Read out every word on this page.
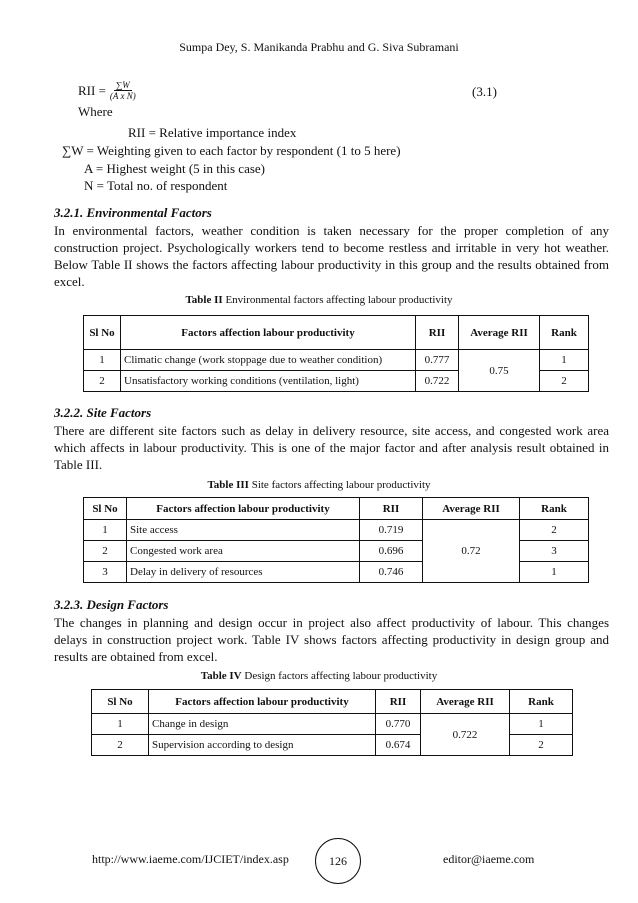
Sumpa Dey, S. Manikanda Prabhu and G. Siva Subramani
RII = $\frac{\sum W}{\text{(A x N)}}$	(3.1)
Where
RII = Relative importance index
∑W = Weighting given to each factor by respondent (1 to 5 here)
A = Highest weight (5 in this case)
N = Total no. of respondent
3.2.1. Environmental Factors
In environmental factors, weather condition is taken necessary for the proper completion of any construction project. Psychologically workers tend to become restless and irritable in very hot weather. Below Table II shows the factors affecting labour productivity in this group and the results obtained from excel.
Table II Environmental factors affecting labour productivity
Sl No	Factors affection labour productivity	RII	Average RII	Rank
1	Climatic change (work stoppage due to weather condition)	0.777	0.75	1
2	Unsatisfactory working conditions (ventilation, light)	0.722		2
3.2.2. Site Factors
There are different site factors such as delay in delivery resource, site access, and congested work area which affects in labour productivity. This is one of the major factor and after analysis result obtained in Table III.
Table III Site factors affecting labour productivity
Sl No	Factors affection labour productivity	RII	Average RII	Rank
1	Site access	0.719	0.72	2
2	Congested work area	0.696		3
3	Delay in delivery of resources	0.746		1
3.2.3. Design Factors
The changes in planning and design occur in project also affect productivity of labour. This changes delays in construction project work. Table IV shows factors affecting productivity in design group and results are obtained from excel.
Table IV Design factors affecting labour productivity
Sl No	Factors affection labour productivity	RII	Average RII	Rank
1	Change in design	0.770	0.722	1
2	Supervision according to design	0.674		2
http://www.iaeme.com/IJCIET/index.asp	126	editor@iaeme.com
